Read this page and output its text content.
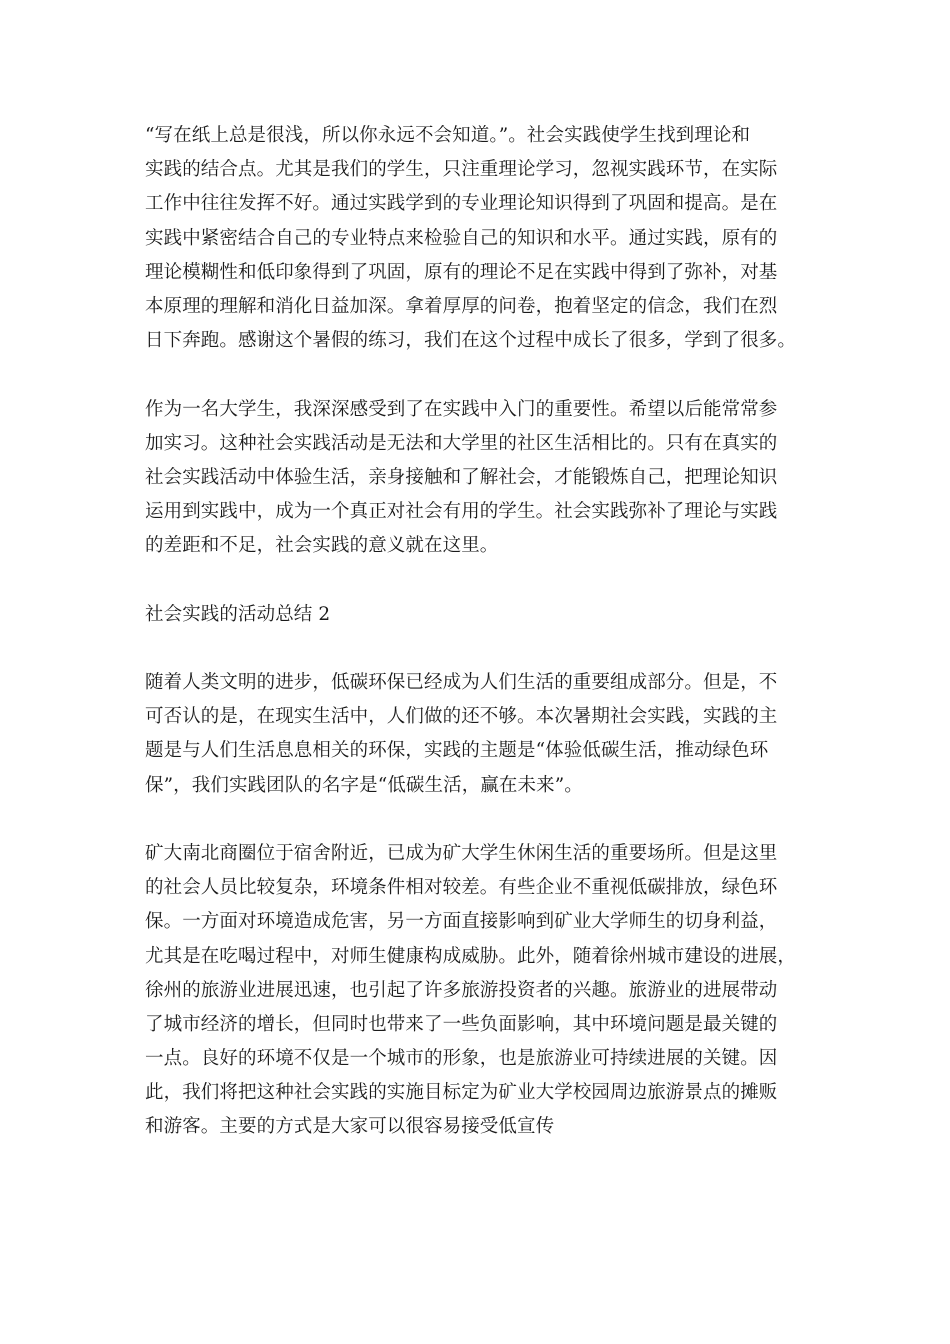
“写在纸上总是很浅，所以你永远不会知道。”。社会实践使学生找到理论和
实践的结合点。尤其是我们的学生，只注重理论学习，忽视实践环节，在实际
工作中往往发挥不好。通过实践学到的专业理论知识得到了巩固和提高。是在
实践中紧密结合自己的专业特点来检验自己的知识和水平。通过实践，原有的
理论模糊性和低印象得到了巩固，原有的理论不足在实践中得到了弥补，对基
本原理的理解和消化日益加深。拿着厚厚的问卷，抱着坚定的信念，我们在烈
日下奔跑。感谢这个暑假的练习，我们在这个过程中成长了很多，学到了很多。
作为一名大学生，我深深感受到了在实践中入门的重要性。希望以后能常常参
加实习。这种社会实践活动是无法和大学里的社区生活相比的。只有在真实的
社会实践活动中体验生活，亲身接触和了解社会，才能锻炼自己，把理论知识
运用到实践中，成为一个真正对社会有用的学生。社会实践弥补了理论与实践
的差距和不足，社会实践的意义就在这里。
社会实践的活动总结 2
随着人类文明的进步，低碳环保已经成为人们生活的重要组成部分。但是，不
可否认的是，在现实生活中，人们做的还不够。本次暑期社会实践，实践的主
题是与人们生活息息相关的环保，实践的主题是“体验低碳生活，推动绿色环
保”，我们实践团队的名字是“低碳生活，赢在未来”。
矿大南北商圈位于宿舍附近，已成为矿大学生休闲生活的重要场所。但是这里
的社会人员比较复杂，环境条件相对较差。有些企业不重视低碳排放，绿色环
保。一方面对环境造成危害，另一方面直接影响到矿业大学师生的切身利益，
尤其是在吃喝过程中，对师生健康构成威胁。此外，随着徐州城市建设的进展，
徐州的旅游业进展迅速，也引起了许多旅游投资者的兴趣。旅游业的进展带动
了城市经济的增长，但同时也带来了一些负面影响，其中环境问题是最关键的
一点。良好的环境不仅是一个城市的形象，也是旅游业可持续进展的关键。因
此，我们将把这种社会实践的实施目标定为矿业大学校园周边旅游景点的摊贩
和游客。主要的方式是大家可以很容易接受低宣传
